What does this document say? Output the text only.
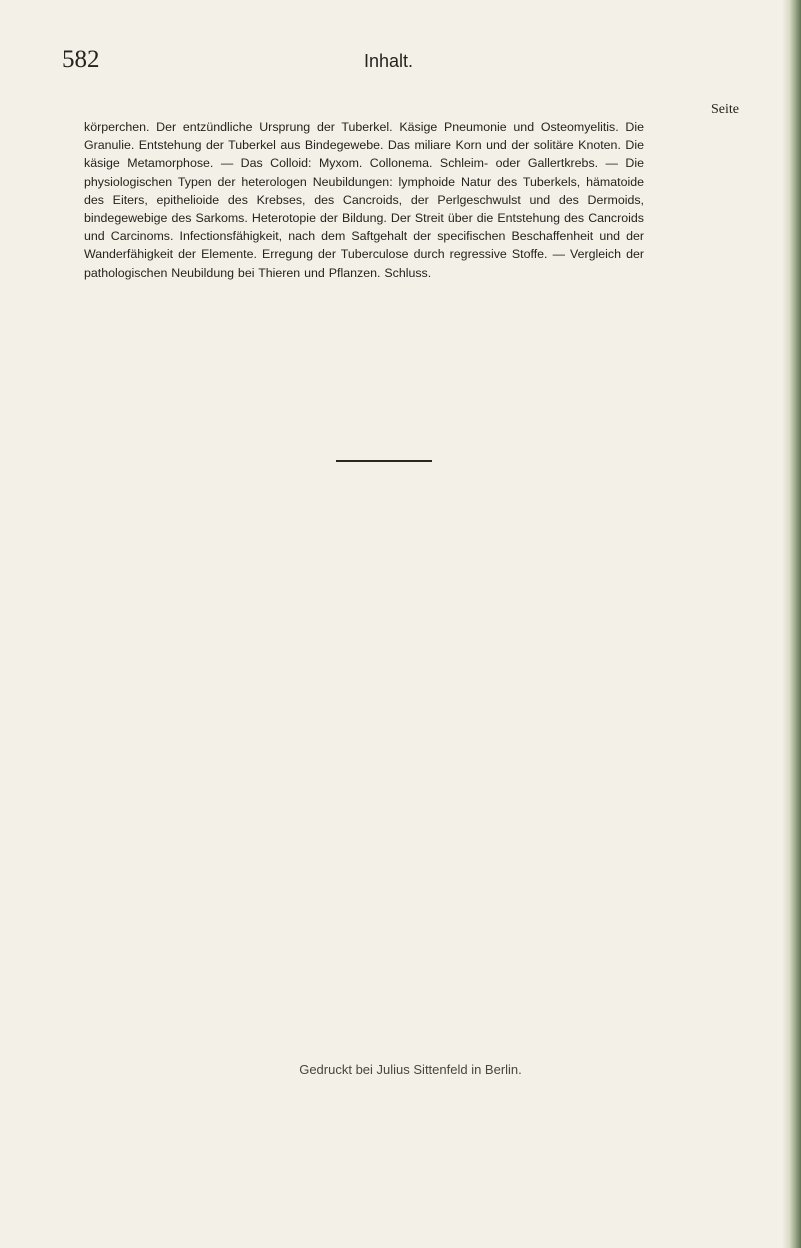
582	Inhalt.
Seite
körperchen. Der entzündliche Ursprung der Tuberkel. Käsige Pneumonie und Osteomyelitis. Die Granulie. Entstehung der Tuberkel aus Bindegewebe. Das miliare Korn und der solitäre Knoten. Die käsige Metamorphose. — Das Colloid: Myxom. Collonema. Schleim- oder Gallertkrebs. — Die physiologischen Typen der heterologen Neubildungen: lymphoide Natur des Tuberkels, hämatoide des Eiters, epithelioide des Krebses, des Cancroids, der Perlgeschwulst und des Dermoids, bindegewebige des Sarkoms. Heterotopie der Bildung. Der Streit über die Entstehung des Cancroids und Carcinoms. Infectionsfähigkeit, nach dem Saftgehalt der specifischen Beschaffenheit und der Wanderfähigkeit der Elemente. Erregung der Tuberculose durch regressive Stoffe. — Vergleich der pathologischen Neubildung bei Thieren und Pflanzen. Schluss.
Gedruckt bei Julius Sittenfeld in Berlin.
